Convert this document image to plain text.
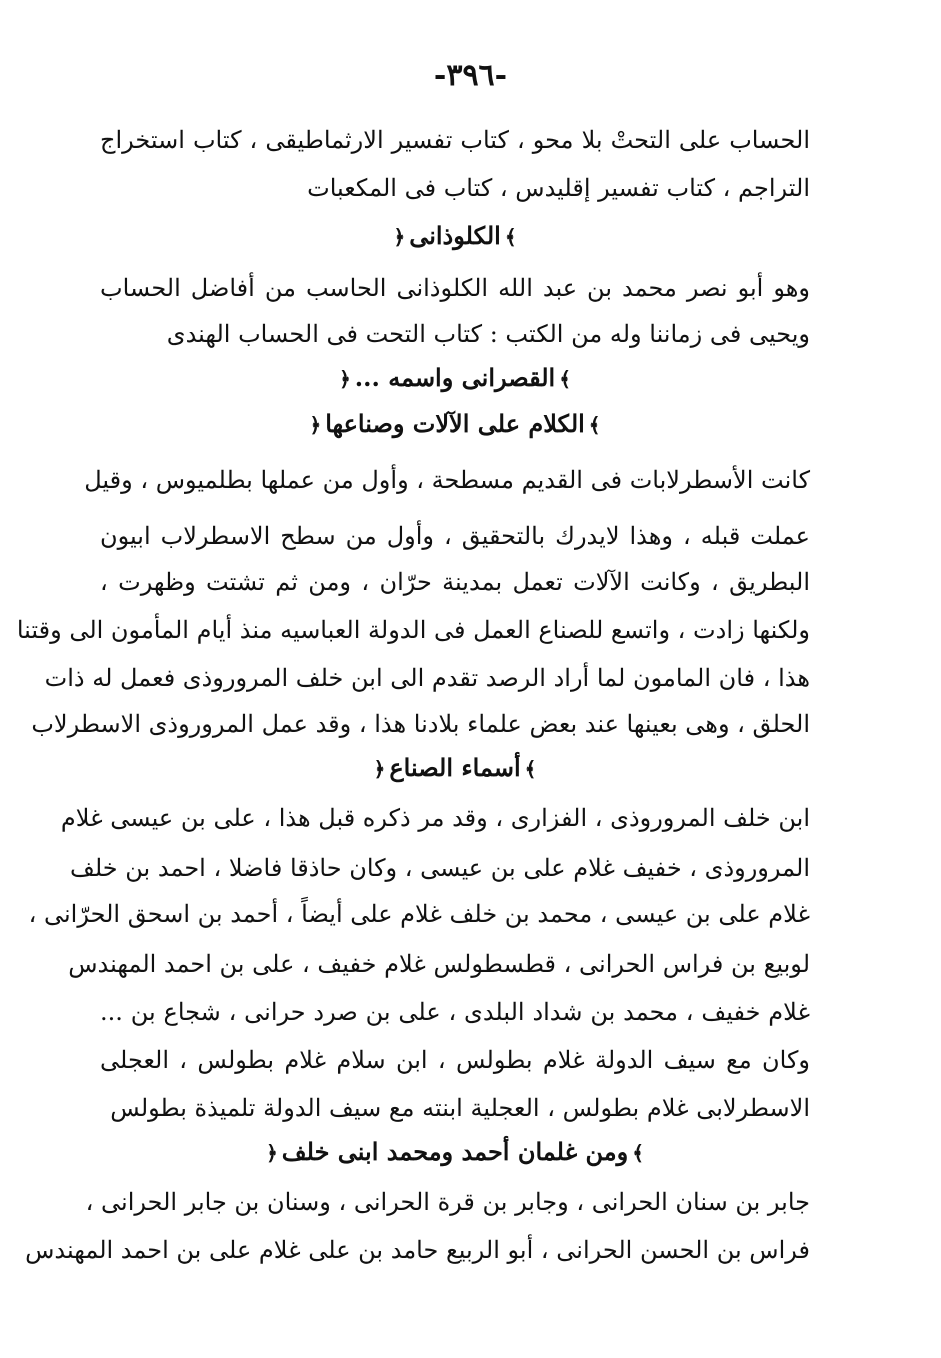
-٣٩٦-
الحساب على التحتْ بلا محو ، كتاب تفسير الارثماطيقى ، كتاب استخراج
التراجم ، كتاب تفسير إقليدس ، كتاب فى المكعبات
﴾الكلوذانى﴿
وهو أبو نصر محمد بن عبد الله الكلوذانى الحاسب من أفاضل الحساب
ويحيى فى زماننا وله من الكتب : كتاب التحت فى الحساب الهندى
﴾القصرانى واسمه ...﴿
﴾الكلام على الآلات وصناعها﴿
كانت الأسطرلابات فى القديم مسطحة ، وأول من عملها بطلميوس ، وقيل
عملت قبله ، وهذا لايدرك بالتحقيق ، وأول من سطح الاسطرلاب ابيون
البطريق ، وكانت الآلات تعمل بمدينة حرّان ، ومن ثم تشتت وظهرت ،
ولكنها زادت ، واتسع للصناع العمل فى الدولة العباسيه منذ أيام المأمون الى وقتنا
هذا ، فان المامون لما أراد الرصد تقدم الى ابن خلف المروروذى فعمل له ذات
الحلق ، وهى بعينها عند بعض علماء بلادنا هذا ، وقد عمل المروروذى الاسطرلاب
﴾أسماء الصناع﴿
ابن خلف المروروذى ، الفزارى ، وقد مر ذكره قبل هذا ، على بن عيسى غلام
المروروذى ، خفيف غلام على بن عيسى ، وكان حاذقا فاضلا ، احمد بن خلف
غلام على بن عيسى ، محمد بن خلف غلام على أيضاً ، أحمد بن اسحق الحرّانى ،
لوبيع بن فراس الحرانى ، قطسطولس غلام خفيف ، على بن احمد المهندس
غلام خفيف ، محمد بن شداد البلدى ، على بن صرد حرانى ، شجاع بن ...
وكان مع سيف الدولة غلام بطولس ، ابن سلام غلام بطولس ، العجلى
الاسطرلابى غلام بطولس ، العجلية ابنته مع سيف الدولة تلميذة بطولس
﴾ومن غلمان أحمد ومحمد ابنى خلف﴿
جابر بن سنان الحرانى ، وجابر بن قرة الحرانى ، وسنان بن جابر الحرانى ،
فراس بن الحسن الحرانى ، أبو الربيع حامد بن على غلام على بن احمد المهندس
